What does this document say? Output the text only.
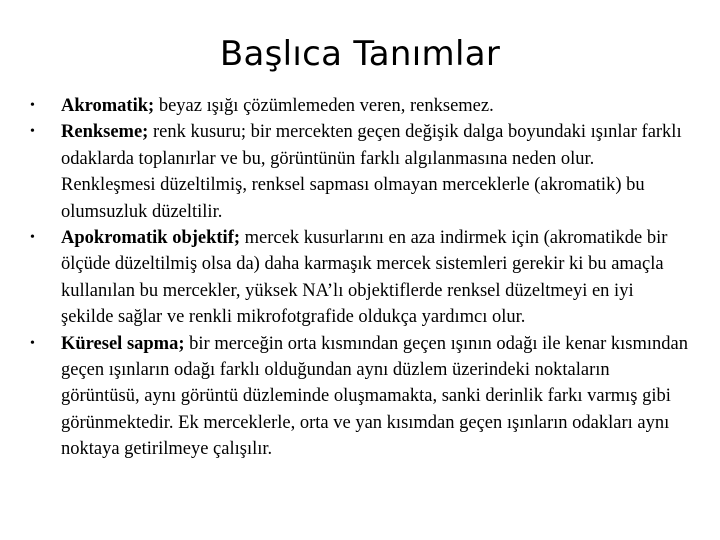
Başlıca Tanımlar
•	Akromatik; beyaz ışığı çözümlemeden veren, renksemez.
•	Renkseme; renk kusuru; bir mercekten geçen değişik dalga boyundaki ışınlar farklı odaklarda toplanırlar ve bu, görüntünün farklı algılanmasına neden olur. Renkleşmesi düzeltilmiş, renksel sapması olmayan merceklerle (akromatik) bu olumsuzluk düzeltilir.
•	Apokromatik objektif; mercek kusurlarını en aza indirmek için (akromatikde bir ölçüde düzeltilmiş olsa da) daha karmaşık mercek sistemleri gerekir ki bu amaçla kullanılan bu mercekler, yüksek NA’lı objektiflerde renksel düzeltmeyi en iyi şekilde sağlar ve renkli mikrofotgrafide oldukça yardımcı olur.
•	Küresel sapma; bir merceğin orta kısmından geçen ışının odağı ile kenar kısmından geçen ışınların odağı farklı olduğundan aynı düzlem üzerindeki noktaların görüntüsü, aynı görüntü düzleminde oluşmamakta, sanki derinlik farkı varmış gibi görünmektedir. Ek merceklerle, orta ve yan kısımdan geçen ışınların odakları aynı noktaya getirilmeye çalışılır.
